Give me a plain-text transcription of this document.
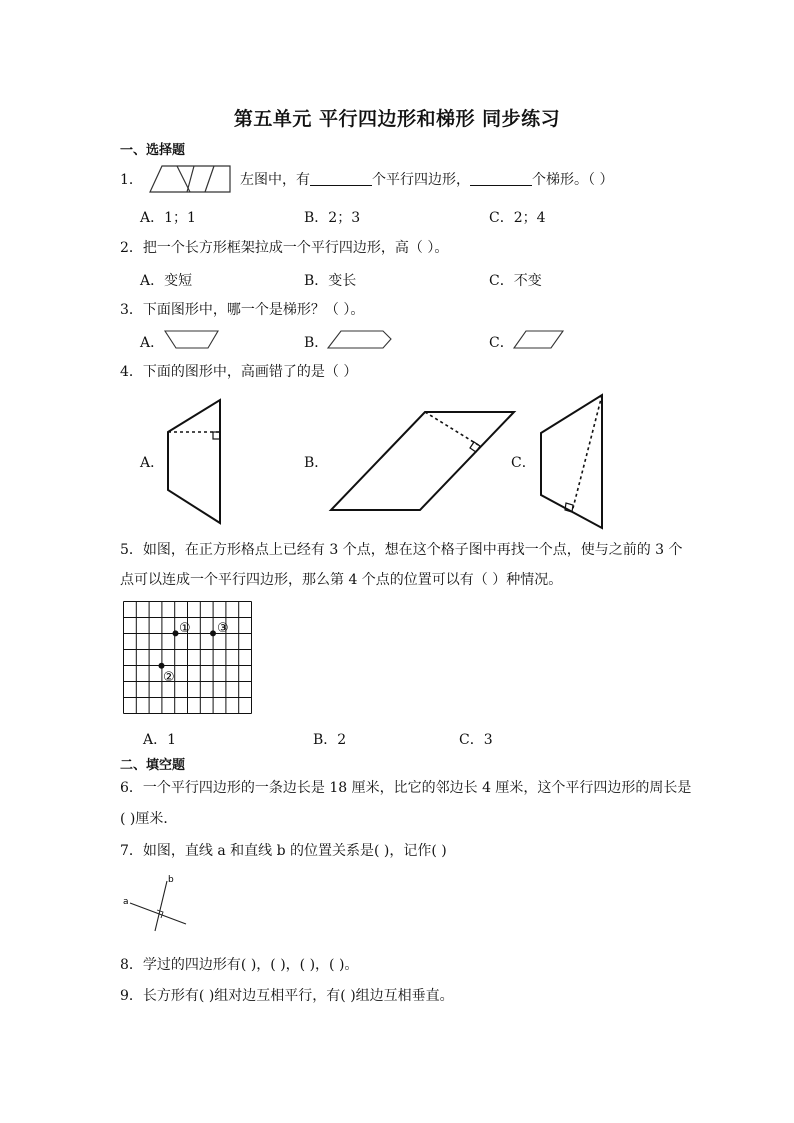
第五单元 平行四边形和梯形 同步练习
一、选择题
1．	左图中，有	个平行四边形，	个梯形。（ ）
A．1；1	B．2；3	C．2；4
2．把一个长方形框架拉成一个平行四边形，高（ ）。
A．变短	B．变长	C．不变
3．下面图形中，哪一个是梯形？（ ）。
A．	B．	C．
4．下面的图形中，高画错了的是（ ）
A．	B．	C．
5．如图，在正方形格点上已经有 3 个点，想在这个格子图中再找一个点，使与之前的 3 个
点可以连成一个平行四边形，那么第 4 个点的位置可以有（ ）种情况。
①
②
③
A．1	B．2	C．3
二、填空题
6．一个平行四边形的一条边长是 18 厘米，比它的邻边长 4 厘米，这个平行四边形的周长是
( )厘米．
7．如图，直线 a 和直线 b 的位置关系是( )，记作( )
a
b
8．学过的四边形有( )，( )，( )，( )。
9．长方形有( )组对边互相平行，有( )组边互相垂直。
